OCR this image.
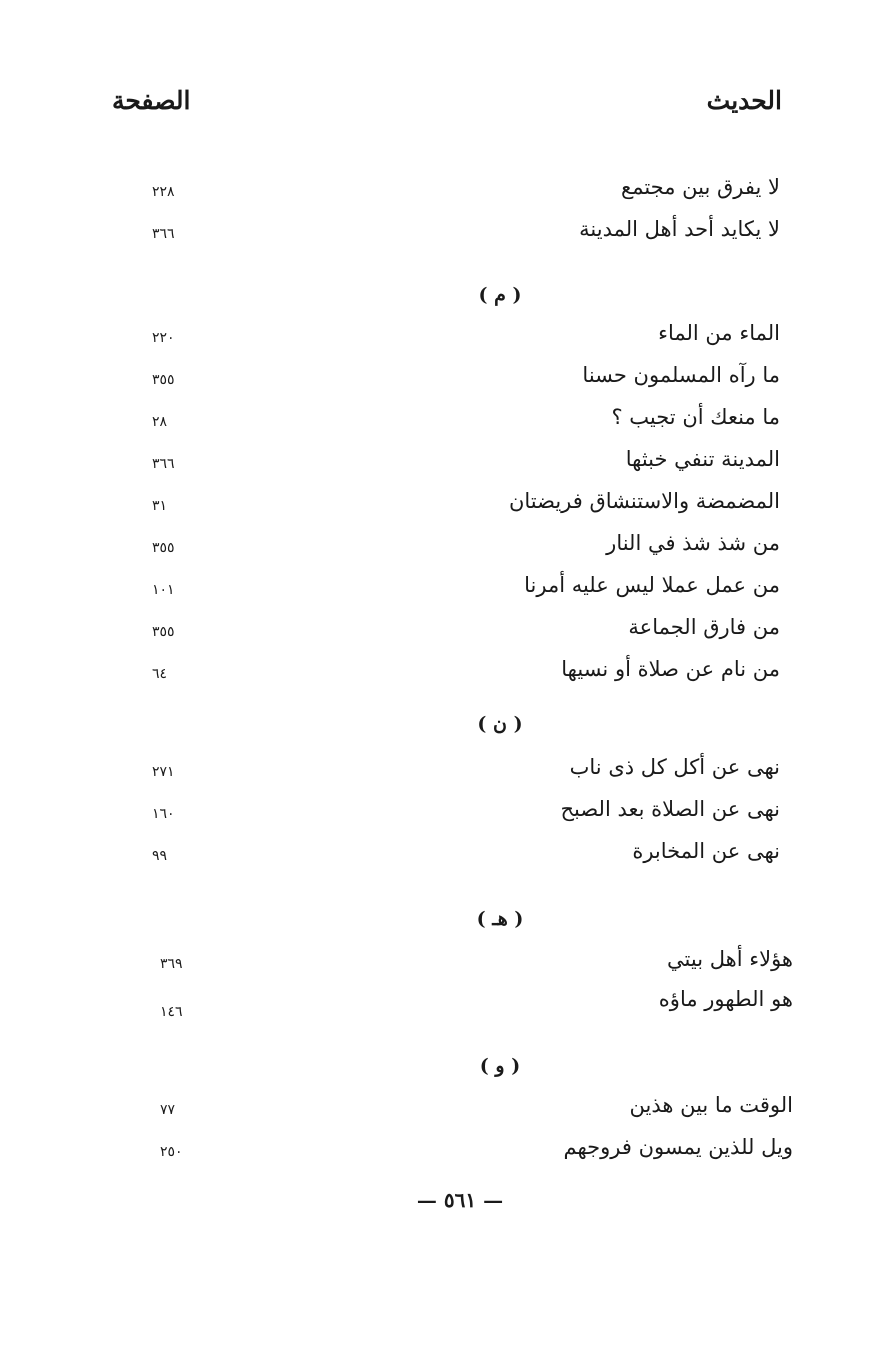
الحديث
الصفحة
لا يفرق بين مجتمع
٢٢٨
لا يكايد أحد أهل المدينة
٣٦٦
( م )
الماء من الماء
٢٢٠
ما رآه المسلمون حسنا
٣٥٥
ما منعك أن تجيب ؟
٢٨
المدينة تنفي خبثها
٣٦٦
المضمضة والاستنشاق فريضتان
٣١
من شذ شذ في النار
٣٥٥
من عمل عملا ليس عليه أمرنا
١٠١
من فارق الجماعة
٣٥٥
من نام عن صلاة أو نسيها
٦٤
( ن )
نهى عن أكل كل ذى ناب
٢٧١
نهى عن الصلاة بعد الصبح
١٦٠
نهى عن المخابرة
٩٩
( هـ )
هؤلاء أهل بيتي
٣٦٩
هو الطهور ماؤه
١٤٦
( و )
الوقت ما بين هذين
٧٧
ويل للذين يمسون فروجهم
٢٥٠
— ٥٦١ —
